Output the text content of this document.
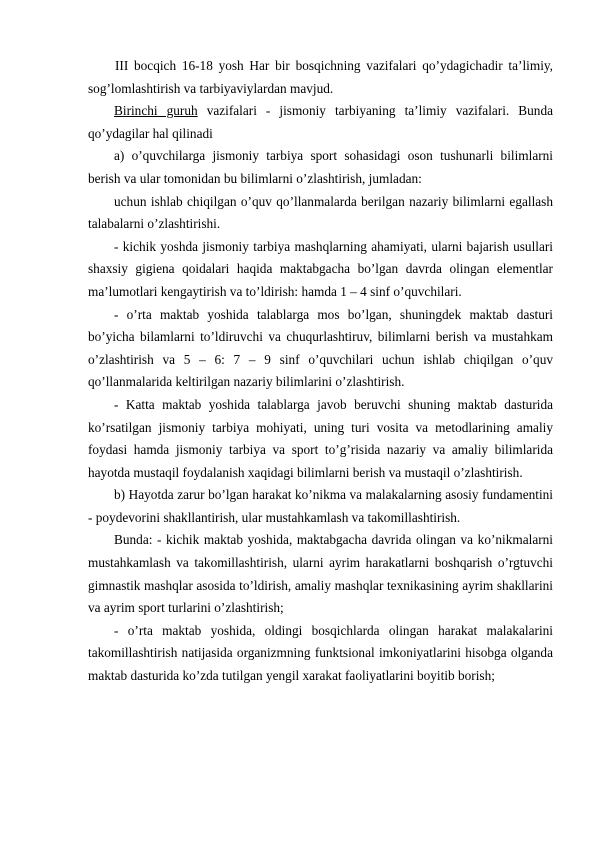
III bocqich 16-18 yosh Har bir bosqichning vazifalari qo’ydagichadir ta’limiy, sog’lomlashtirish va tarbiyaviylardan mavjud.

Birinchi guruh vazifalari - jismoniy tarbiyaning ta’limiy vazifalari. Bunda qo’ydagilar hal qilinadi

a) o’quvchilarga jismoniy tarbiya sport sohasidagi oson tushunarli bilimlarni berish va ular tomonidan bu bilimlarni o’zlashtirish, jumladan:

uchun ishlab chiqilgan o’quv qo’llanmalarda berilgan nazariy bilimlarni egallash talabalarni o’zlashtirishi.

- kichik yoshda jismoniy tarbiya mashqlarning ahamiyati, ularni bajarish usullari shaxsiy gigiena qoidalari haqida maktabgacha bo’lgan davrda olingan elementlar ma’lumotlari kengaytirish va to’ldirish: hamda 1 – 4 sinf o’quvchilari.

- o’rta maktab yoshida talablarga mos bo’lgan, shuningdek maktab dasturi bo’yicha bilamlarni to’ldiruvchi va chuqurlashtiruv, bilimlarni berish va mustahkam o’zlashtirish va 5 – 6: 7 – 9 sinf o’quvchilari uchun ishlab chiqilgan o’quv qo’llanmalarida keltirilgan nazariy bilimlarini o’zlashtirish.

- Katta maktab yoshida talablarga javob beruvchi shuning maktab dasturida ko’rsatilgan jismoniy tarbiya mohiyati, uning turi vosita va metodlarining amaliy foydasi hamda jismoniy tarbiya va sport to’g’risida nazariy va amaliy bilimlarida hayotda mustaqil foydalanish xaqidagi bilimlarni berish va mustaqil o’zlashtirish.

b) Hayotda zarur bo’lgan harakat ko’nikma va malakalarning asosiy fundamentini - poydevorini shakllantirish, ular mustahkamlash va takomillashtirish.

Bunda: - kichik maktab yoshida, maktabgacha davrida olingan va ko’nikmalarni mustahkamlash va takomillashtirish, ularni ayrim harakatlarni boshqarish o’rgtuvchi gimnastik mashqlar asosida to’ldirish, amaliy mashqlar texnikasining ayrim shakllarini va ayrim sport turlarini o’zlashtirish;

- o’rta maktab yoshida, oldingi bosqichlarda olingan harakat malakalarini takomillashtirish natijasida organizmning funktsional imkoniyatlarini hisobga olganda maktab dasturida ko’zda tutilgan yengil xarakat faoliyatlarini boyitib borish;
